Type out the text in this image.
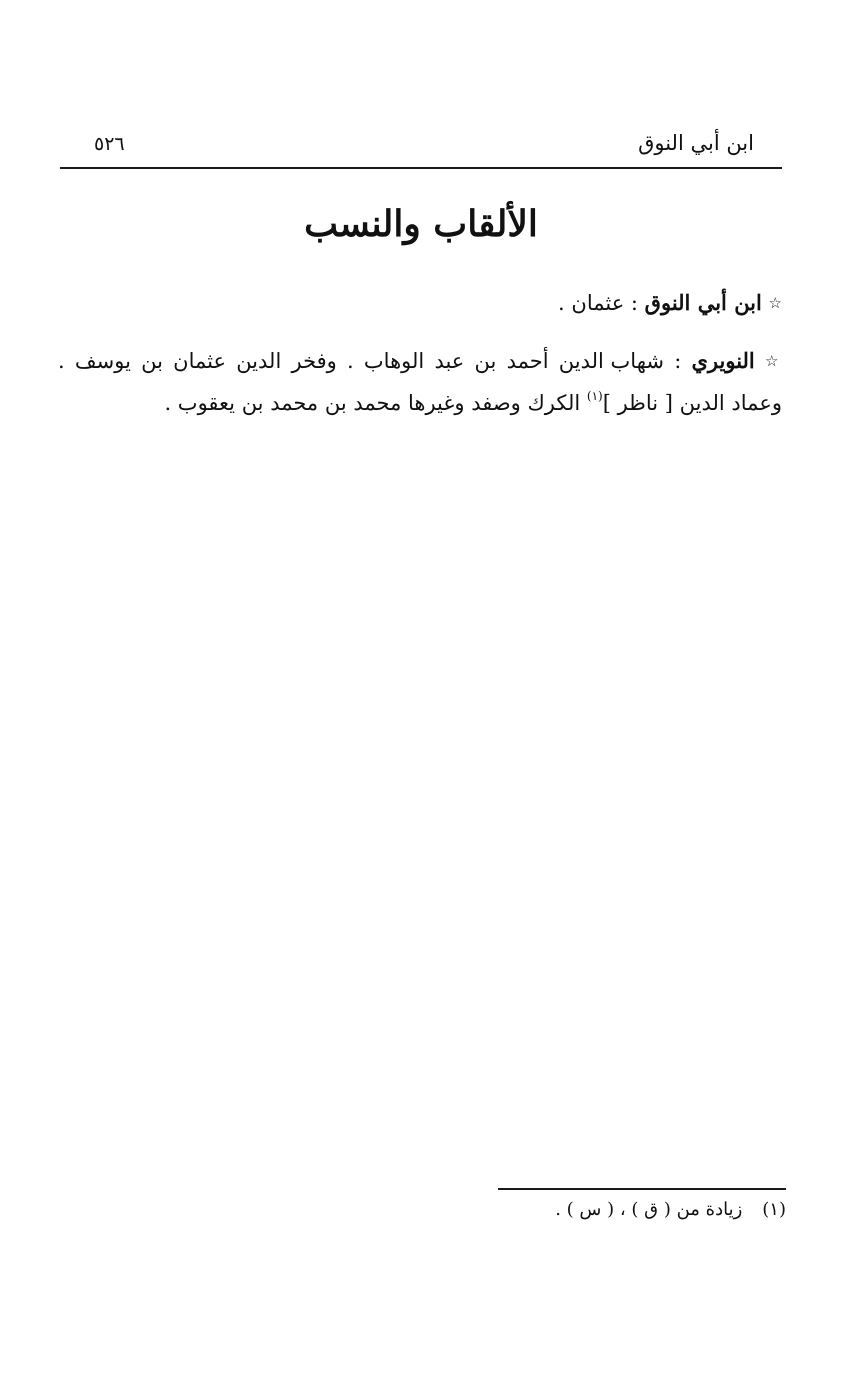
ابن أبي النوق
٥٢٦
الألقاب والنسب

☆ ابن أبي النوق : عثمان .

☆ النويري : شهاب الدين أحمد بن عبد الوهاب . وفخر الدين عثمان بن يوسف . وعماد الدين [ ناظر ]$^{(١)}$ الكرك وصفد وغيرها محمد بن محمد بن يعقوب .

(١)زيادة من ( ق ) ، ( س ) .
